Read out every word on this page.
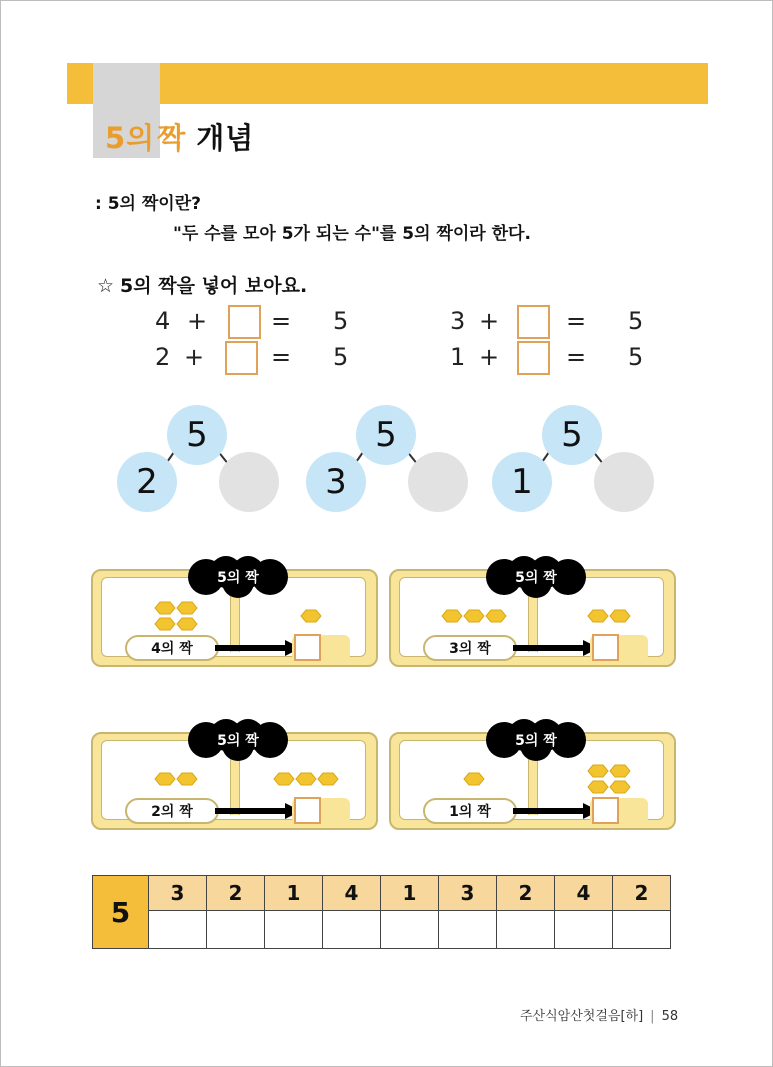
5의짝 개념
: 5의 짝이란?
"두 수를 모아 5가 되는 수"를 5의 짝이라 한다.
☆ 5의 짝을 넣어 보아요.
4 +	= 5	3 +	= 5
2 +	= 5	1 +	= 5
5
2
5
3
5
1
5의 짝
4의 짝
5의 짝
3의 짝
5의 짝
2의 짝
5의 짝
1의 짝
5	3	2	1	4	1	3	2	4	2

주산식암산첫걸음[하] | 58
